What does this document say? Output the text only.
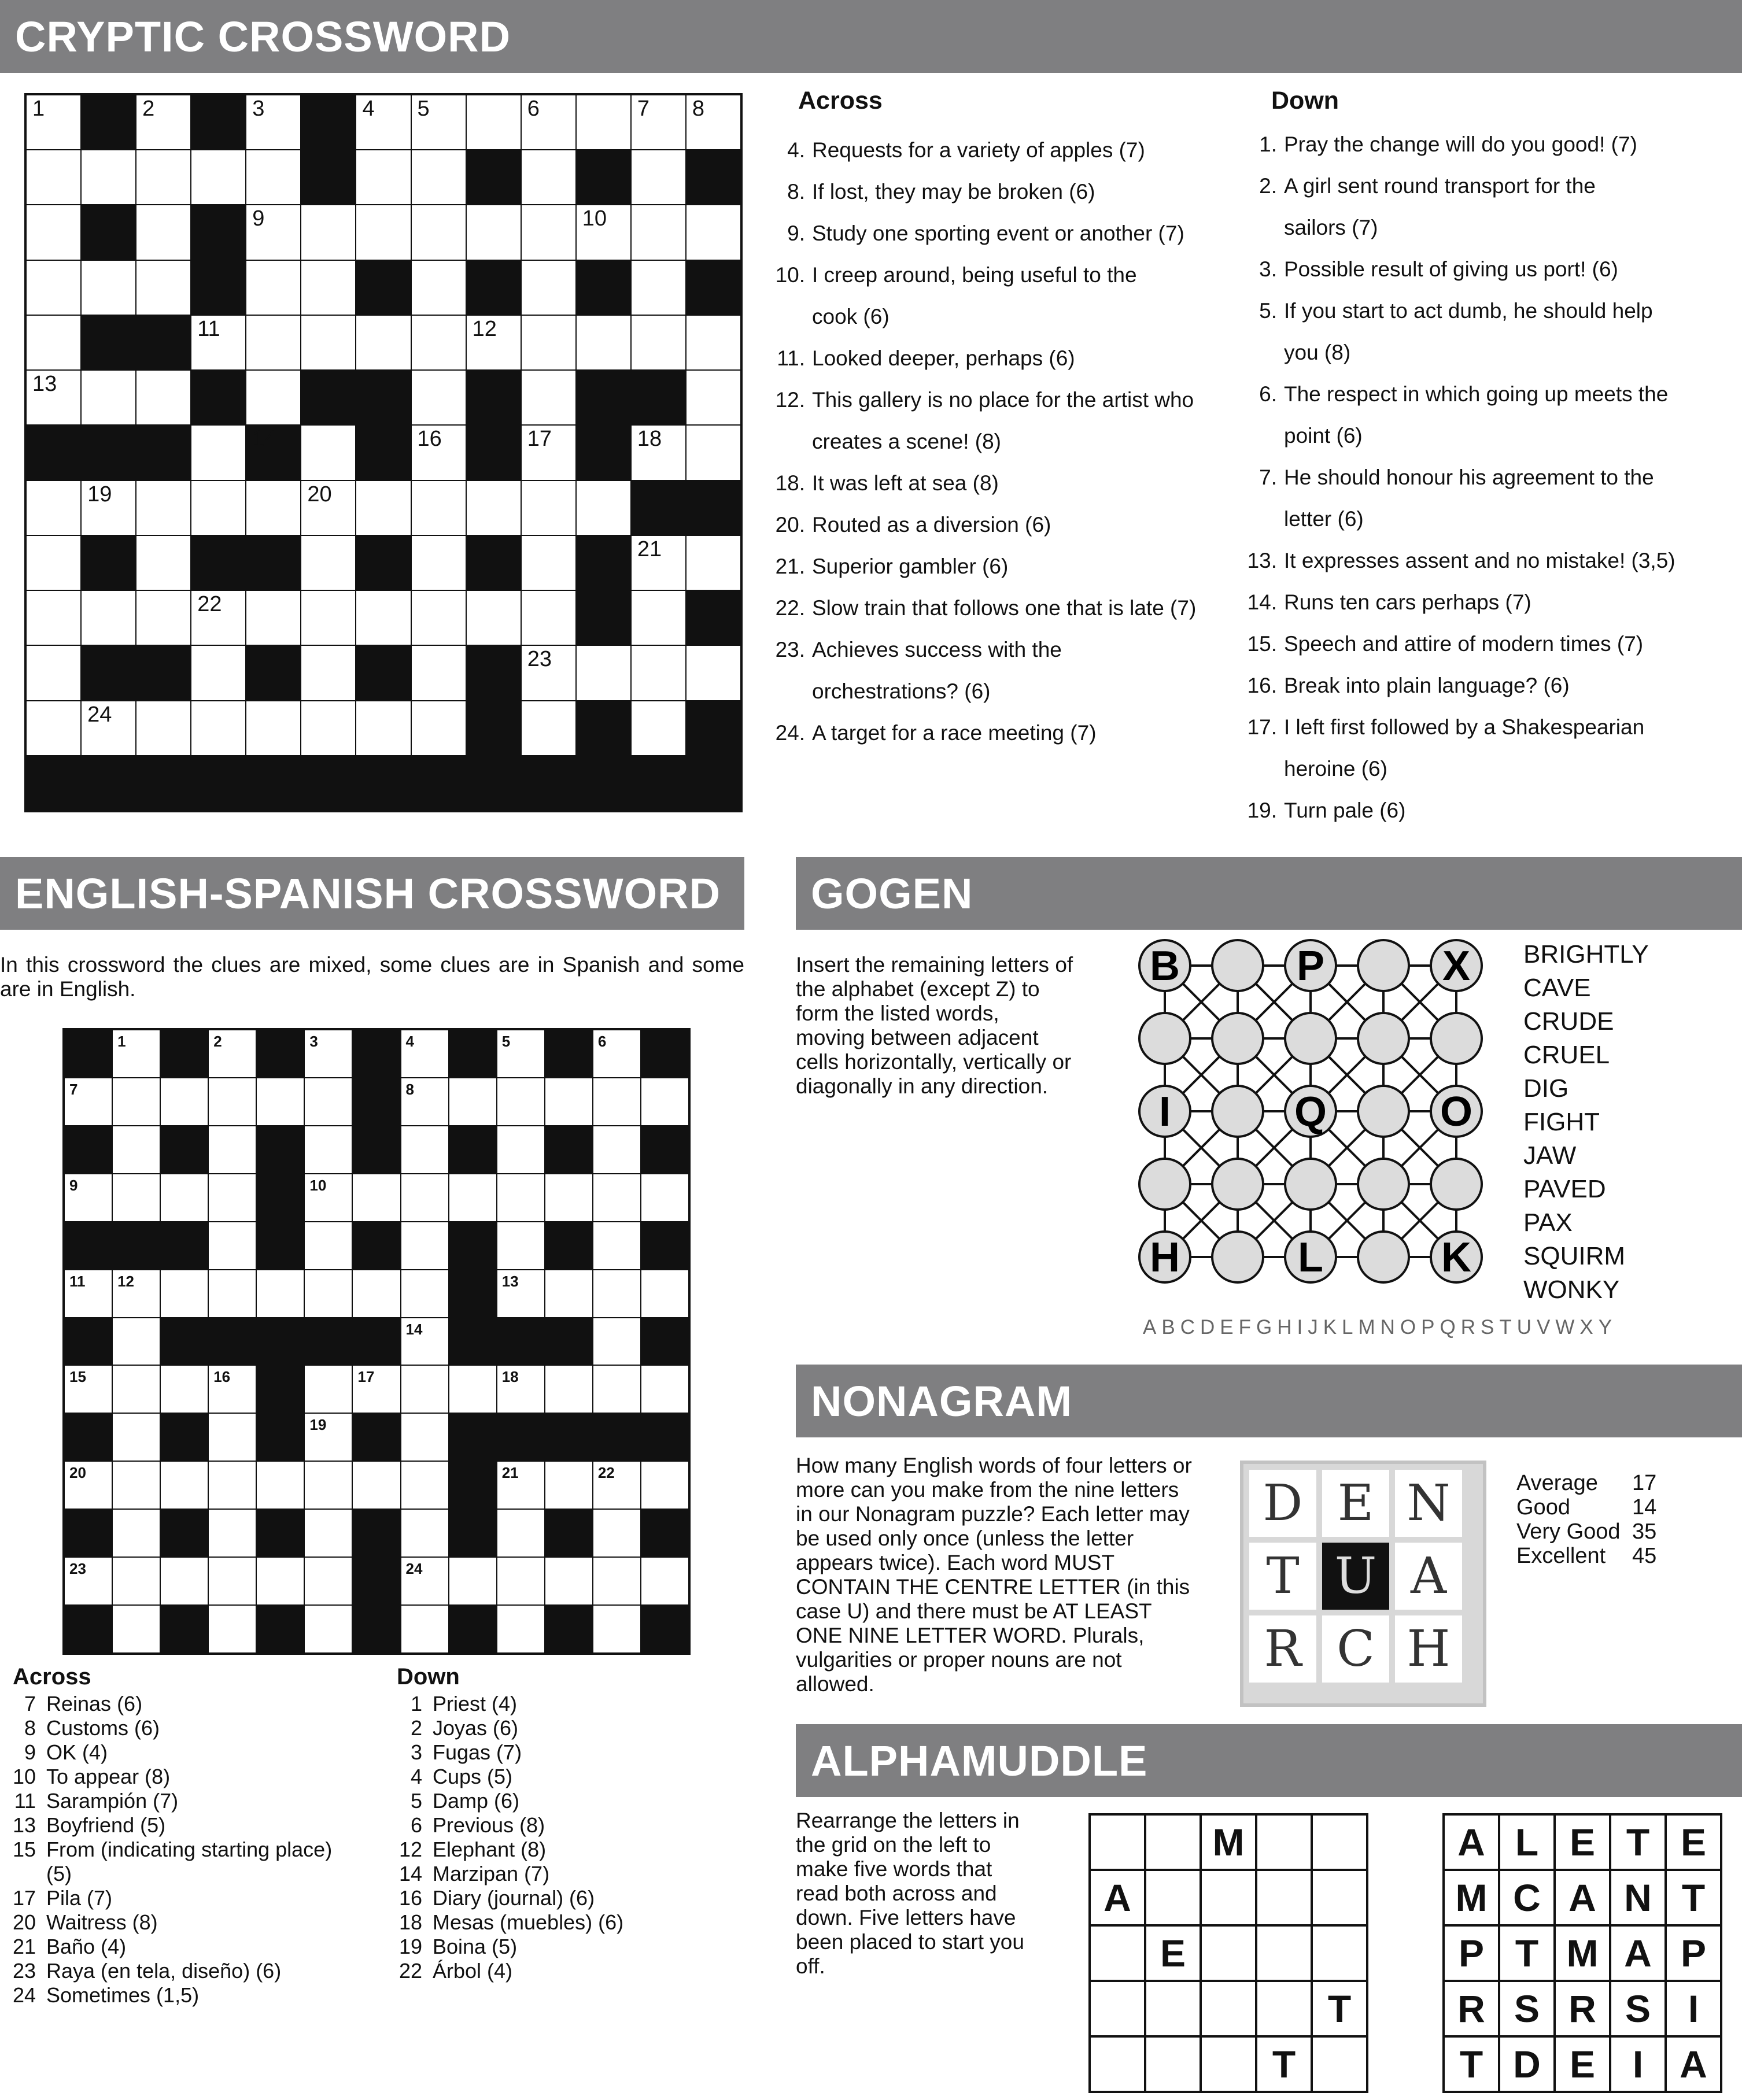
CRYPTIC CROSSWORD
1	2	3	4 5	6	7 8
9	10
11	12
13
14	16	17	18
19	20
21
22
23
24
Across
4. Requests for a variety of apples (7)
8. If lost, they may be broken (6)
9. Study one sporting event or another (7)
10. I creep around, being useful to the
cook (6)
11. Looked deeper, perhaps (6)
12. This gallery is no place for the artist who
creates a scene! (8)
18. It was left at sea (8)
20. Routed as a diversion (6)
21. Superior gambler (6)
22. Slow train that follows one that is late (7)
23. Achieves success with the
orchestrations? (6)
24. A target for a race meeting (7)
Down
1. Pray the change will do you good! (7)
2. A girl sent round transport for the
sailors (7)
3. Possible result of giving us port! (6)
5. If you start to act dumb, he should help
you (8)
6. The respect in which going up meets the
point (6)
7. He should honour his agreement to the
letter (6)
13. It expresses assent and no mistake! (3,5)
14. Runs ten cars perhaps (7)
15. Speech and attire of modern times (7)
16. Break into plain language? (6)
17. I left first followed by a Shakespearian
heroine (6)
19. Turn pale (6)
ENGLISH-SPANISH CROSSWORD
In this crossword the clues are mixed, some clues are in Spanish and some are in English.
1	2	3	4	5	6
7	8
9	10
11 12	13
14
15	16	17	18
19
20	21	22
23	24
Across
7 Reinas (6)
8 Customs (6)
9 OK (4)
10 To appear (8)
11 Sarampión (7)
13 Boyfriend (5)
15 From (indicating starting place)
(5)
17 Pila (7)
20 Waitress (8)
21 Baño (4)
23 Raya (en tela, diseño) (6)
24 Sometimes (1,5)
Down
1 Priest (4)
2 Joyas (6)
3 Fugas (7)
4 Cups (5)
5 Damp (6)
6 Previous (8)
12 Elephant (8)
14 Marzipan (7)
16 Diary (journal) (6)
18 Mesas (muebles) (6)
19 Boina (5)
22 Árbol (4)
GOGEN
Insert the remaining letters of the alphabet (except Z) to form the listed words, moving between adjacent cells horizontally, vertically or diagonally in any direction.
B	P	X
I	Q	O
H	L	K
BRIGHTLY
CAVE
CRUDE
CRUEL
DIG
FIGHT
JAW
PAVED
PAX
SQUIRM
WONKY
ABCDEFGHIJKLMNOPQRSTUVWXY
NONAGRAM
How many English words of four letters or more can you make from the nine letters in our Nonagram puzzle? Each letter may be used only once (unless the letter appears twice). Each word MUST CONTAIN THE CENTRE LETTER (in this case U) and there must be AT LEAST ONE NINE LETTER WORD. Plurals, vulgarities or proper nouns are not allowed.
D E N
T U A
R C H
Average	17
Good	14
Very Good 35
Excellent	45
ALPHAMUDDLE
Rearrange the letters in the grid on the left to make five words that read both across and down. Five letters have been placed to start you off.
M
A
E
T
T
A L E T E
M C A N T
P T M A P
R S R S I
T D E I A
